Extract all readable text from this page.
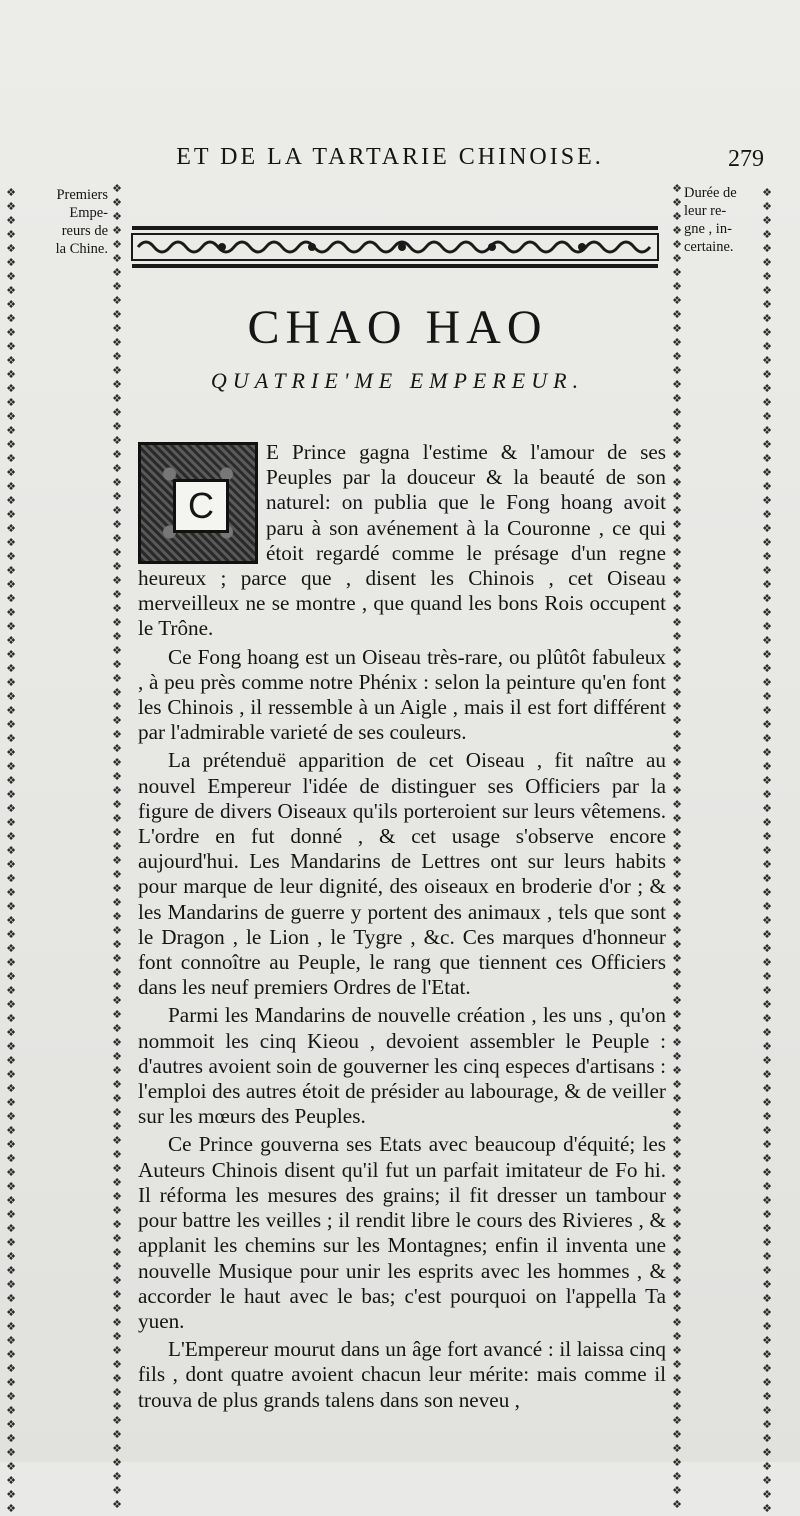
ET DE LA TARTARIE CHINOISE.	279
Premiers
Empe-
reurs de
la Chine.
Durée de
leur re-
gne , in-
certaine.
❖❖❖❖❖❖❖❖❖❖❖❖❖❖❖❖❖❖❖❖❖❖❖❖❖❖❖❖❖❖❖❖❖❖❖❖❖❖❖❖❖❖❖❖❖❖❖❖❖❖❖❖❖❖❖❖❖❖❖❖❖❖❖❖❖❖❖❖❖❖❖❖❖❖❖❖❖❖❖❖❖❖❖❖❖❖❖❖❖❖❖❖❖❖❖
❖❖❖❖❖❖❖❖❖❖❖❖❖❖❖❖❖❖❖❖❖❖❖❖❖❖❖❖❖❖❖❖❖❖❖❖❖❖❖❖❖❖❖❖❖❖❖❖❖❖❖❖❖❖❖❖❖❖❖❖❖❖❖❖❖❖❖❖❖❖❖❖❖❖❖❖❖❖❖❖❖❖❖❖❖❖❖❖❖❖❖❖❖❖❖
❖❖❖❖❖❖❖❖❖❖❖❖❖❖❖❖❖❖❖❖❖❖❖❖❖❖❖❖❖❖❖❖❖❖❖❖❖❖❖❖❖❖❖❖❖❖❖❖❖❖❖❖❖❖❖❖❖❖❖❖❖❖❖❖❖❖❖❖❖❖❖❖❖❖❖❖❖❖❖❖❖❖❖❖❖❖❖❖❖❖❖❖❖❖❖
❖❖❖❖❖❖❖❖❖❖❖❖❖❖❖❖❖❖❖❖❖❖❖❖❖❖❖❖❖❖❖❖❖❖❖❖❖❖❖❖❖❖❖❖❖❖❖❖❖❖❖❖❖❖❖❖❖❖❖❖❖❖❖❖❖❖❖❖❖❖❖❖❖❖❖❖❖❖❖❖❖❖❖❖❖❖❖❖❖❖❖❖❖❖❖
CHAO HAO
QUATRIE'ME EMPEREUR.

C
E Prince gagna l'estime & l'amour de ses Peuples par la douceur & la beauté de son naturel: on publia que le Fong hoang avoit paru à son avénement à la Couronne , ce qui étoit regardé comme le présage d'un regne heureux ; parce que , disent les Chinois , cet Oiseau merveilleux ne se montre , que quand les bons Rois occupent le Trône.

Ce Fong hoang est un Oiseau très-rare, ou plûtôt fabuleux , à peu près comme notre Phénix : selon la peinture qu'en font les Chinois , il ressemble à un Aigle , mais il est fort différent par l'admirable varieté de ses couleurs.

La prétenduë apparition de cet Oiseau , fit naître au nouvel Empereur l'idée de distinguer ses Officiers par la figure de divers Oiseaux qu'ils porteroient sur leurs vêtemens. L'ordre en fut donné , & cet usage s'observe encore aujourd'hui. Les Mandarins de Lettres ont sur leurs habits pour marque de leur dignité, des oiseaux en broderie d'or ; & les Mandarins de guerre y portent des animaux , tels que sont le Dragon , le Lion , le Tygre , &c. Ces marques d'honneur font connoître au Peuple, le rang que tiennent ces Officiers dans les neuf premiers Ordres de l'Etat.

Parmi les Mandarins de nouvelle création , les uns , qu'on nommoit les cinq Kieou , devoient assembler le Peuple : d'autres avoient soin de gouverner les cinq especes d'artisans : l'emploi des autres étoit de présider au labourage, & de veiller sur les mœurs des Peuples.

Ce Prince gouverna ses Etats avec beaucoup d'équité; les Auteurs Chinois disent qu'il fut un parfait imitateur de Fo hi. Il réforma les mesures des grains; il fit dresser un tambour pour battre les veilles ; il rendit libre le cours des Rivieres , & applanit les chemins sur les Montagnes; enfin il inventa une nouvelle Musique pour unir les esprits avec les hommes , & accorder le haut avec le bas; c'est pourquoi on l'appella Ta yuen.

L'Empereur mourut dans un âge fort avancé : il laissa cinq fils , dont quatre avoient chacun leur mérite: mais comme il trouva de plus grands talens dans son neveu ,
